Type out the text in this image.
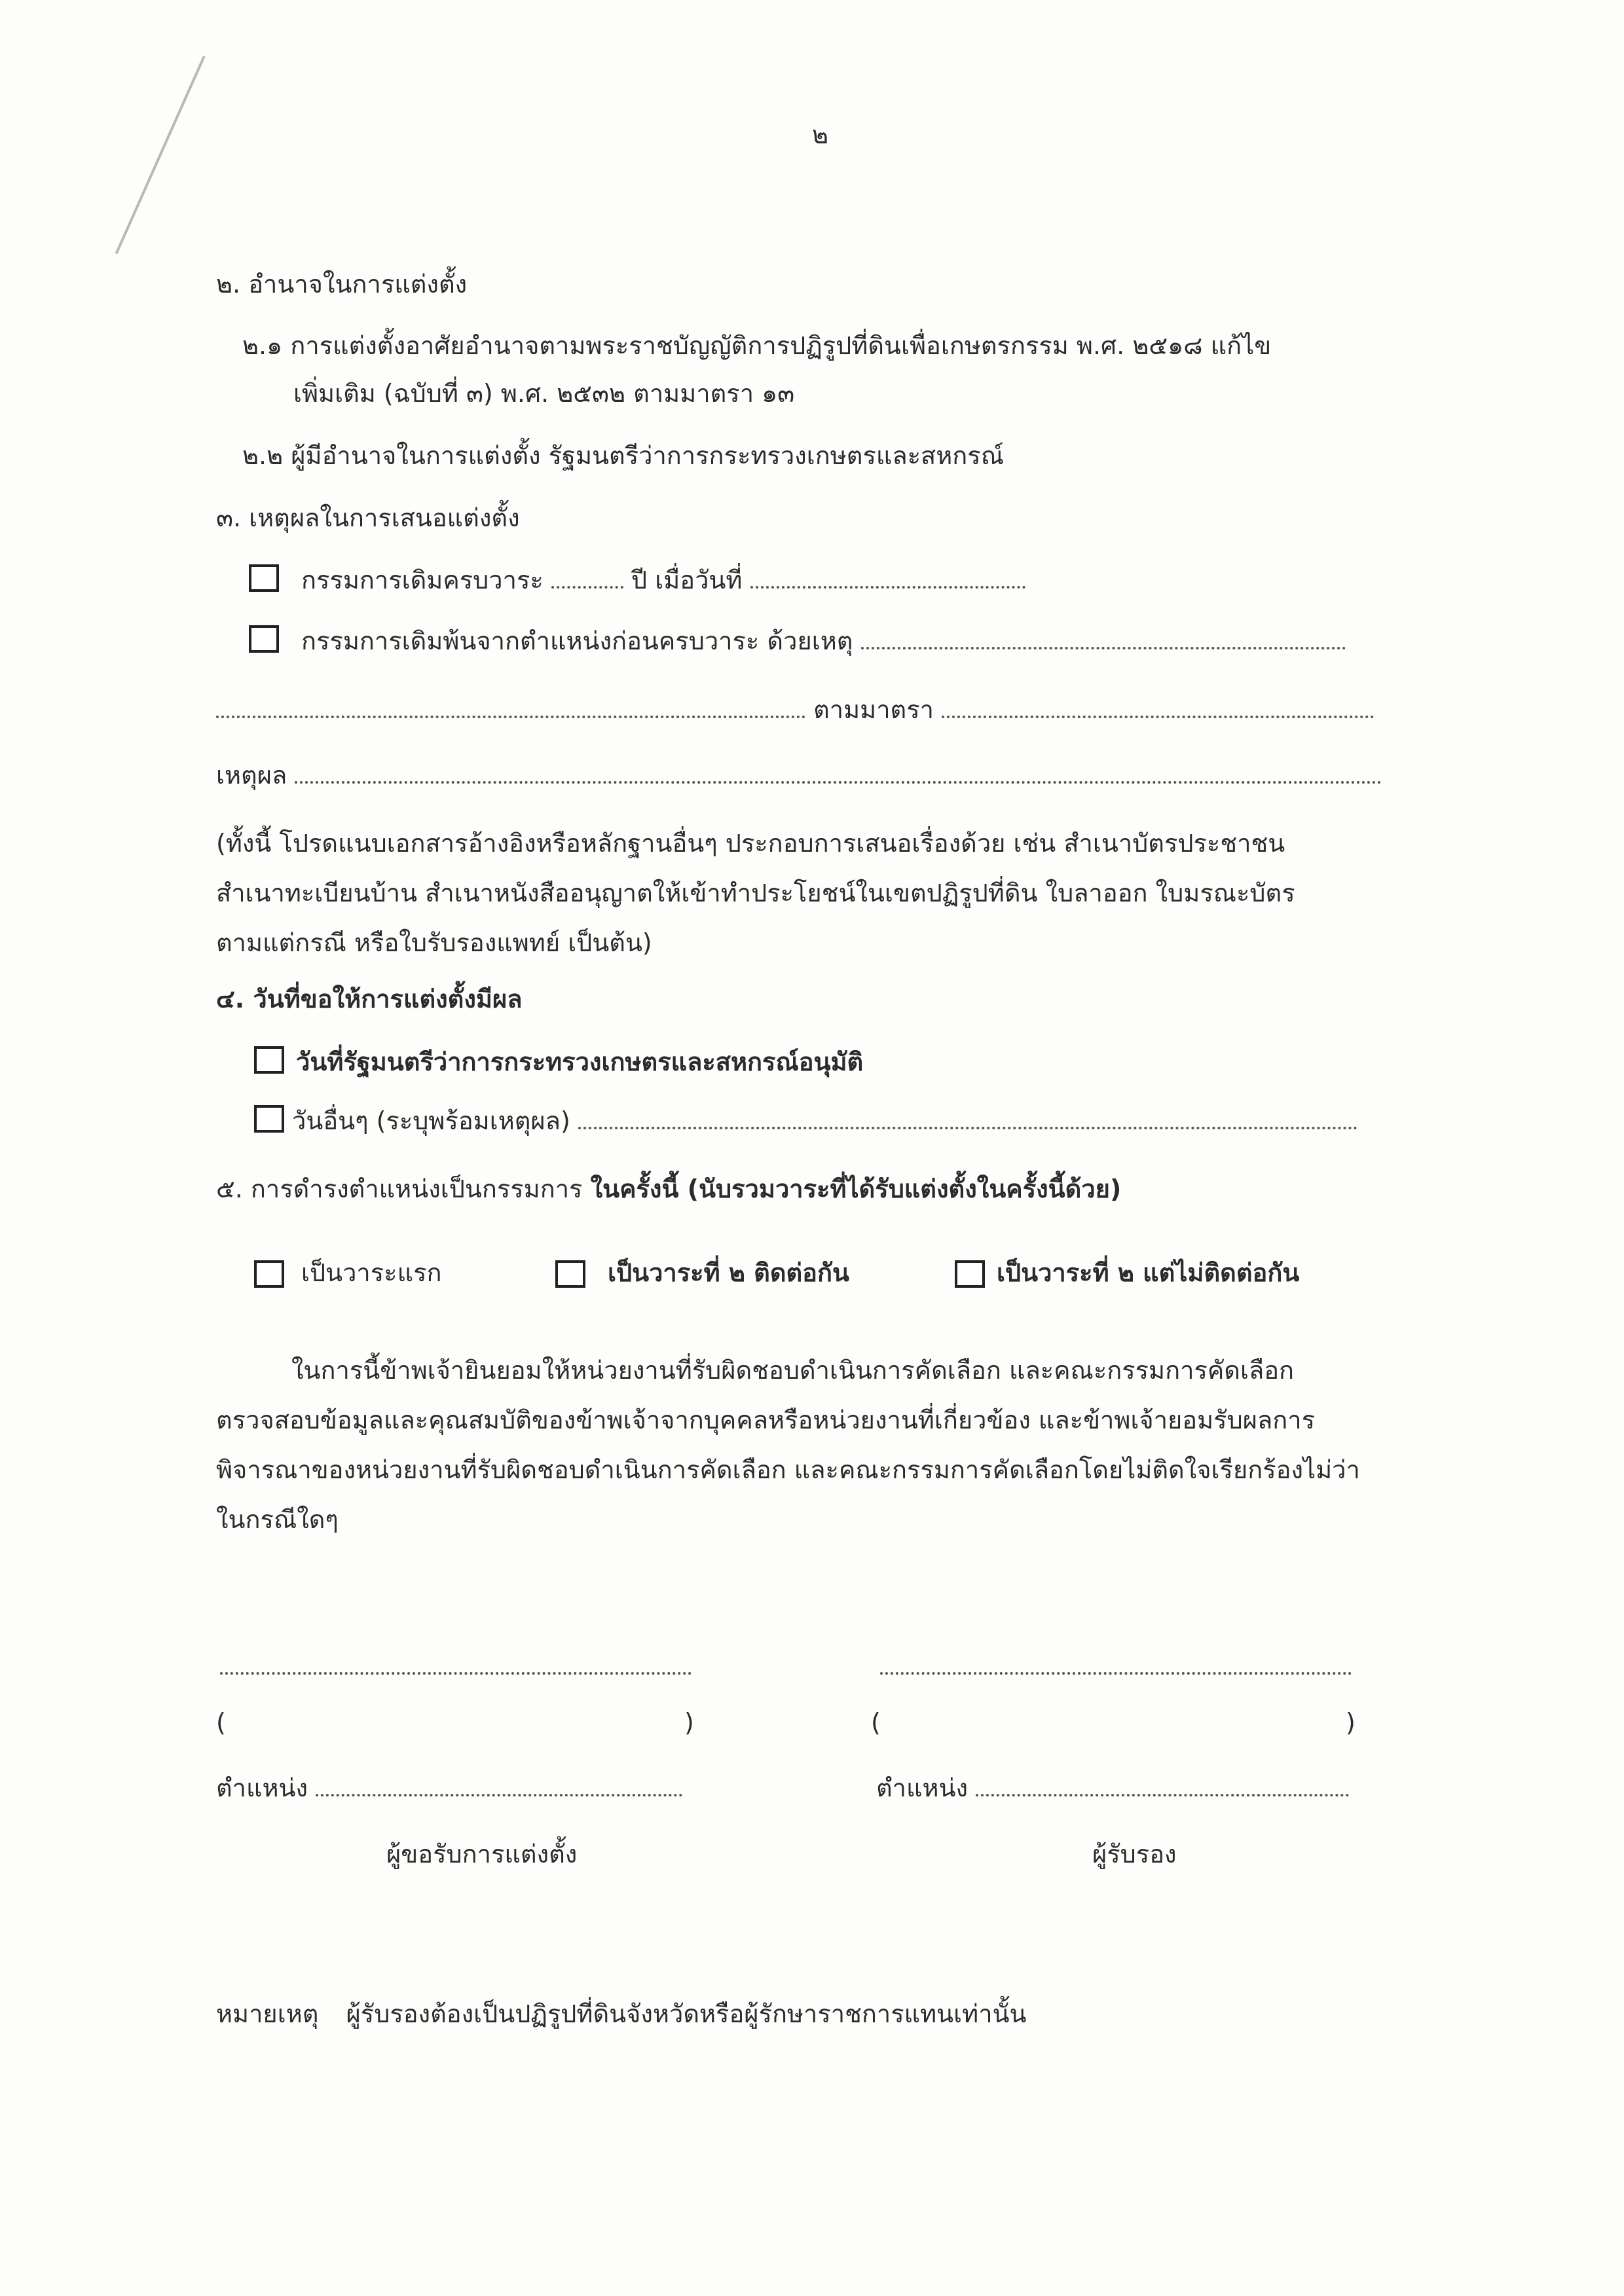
๒
๒. อำนาจในการแต่งตั้ง
๒.๑ การแต่งตั้งอาศัยอำนาจตามพระราชบัญญัติการปฏิรูปที่ดินเพื่อเกษตรกรรม พ.ศ. ๒๕๑๘ แก้ไข
เพิ่มเติม (ฉบับที่ ๓) พ.ศ. ๒๕๓๒ ตามมาตรา ๑๓
๒.๒ ผู้มีอำนาจในการแต่งตั้ง รัฐมนตรีว่าการกระทรวงเกษตรและสหกรณ์
๓. เหตุผลในการเสนอแต่งตั้ง
กรรมการเดิมครบวาระ	ปี เมื่อวันที่
กรรมการเดิมพ้นจากตำแหน่งก่อนครบวาระ ด้วยเหตุ
ตามมาตรา
เหตุผล
(ทั้งนี้ โปรดแนบเอกสารอ้างอิงหรือหลักฐานอื่นๆ ประกอบการเสนอเรื่องด้วย เช่น สำเนาบัตรประชาชน
สำเนาทะเบียนบ้าน สำเนาหนังสืออนุญาตให้เข้าทำประโยชน์ในเขตปฏิรูปที่ดิน ใบลาออก ใบมรณะบัตร
ตามแต่กรณี หรือใบรับรองแพทย์ เป็นต้น)
๔. วันที่ขอให้การแต่งตั้งมีผล
วันที่รัฐมนตรีว่าการกระทรวงเกษตรและสหกรณ์อนุมัติ
วันอื่นๆ (ระบุพร้อมเหตุผล)
๕. การดำรงตำแหน่งเป็นกรรมการ ในครั้งนี้ (นับรวมวาระที่ได้รับแต่งตั้งในครั้งนี้ด้วย)
เป็นวาระแรก	เป็นวาระที่ ๒ ติดต่อกัน	เป็นวาระที่ ๒ แต่ไม่ติดต่อกัน
ในการนี้ข้าพเจ้ายินยอมให้หน่วยงานที่รับผิดชอบดำเนินการคัดเลือก และคณะกรรมการคัดเลือก
ตรวจสอบข้อมูลและคุณสมบัติของข้าพเจ้าจากบุคคลหรือหน่วยงานที่เกี่ยวข้อง และข้าพเจ้ายอมรับผลการ
พิจารณาของหน่วยงานที่รับผิดชอบดำเนินการคัดเลือก และคณะกรรมการคัดเลือกโดยไม่ติดใจเรียกร้องไม่ว่า
ในกรณีใดๆ
(	)	(	)
ตำแหน่ง	ตำแหน่ง
ผู้ขอรับการแต่งตั้ง	ผู้รับรอง
หมายเหตุ ผู้รับรองต้องเป็นปฏิรูปที่ดินจังหวัดหรือผู้รักษาราชการแทนเท่านั้น
